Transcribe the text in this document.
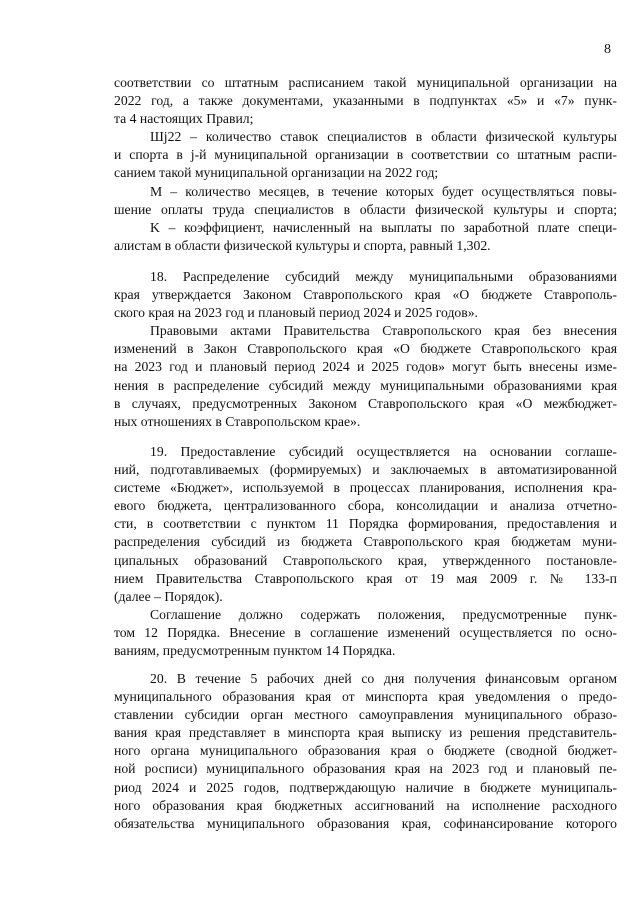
8
соответствии со штатным расписанием такой муниципальной организации на
2022 год, а также документами, указанными в подпунктах «5» и «7» пунк-
та 4 настоящих Правил;
Шj22 – количество ставок специалистов в области физической культуры
и спорта в j-й муниципальной организации в соответствии со штатным распи-
санием такой муниципальной организации на 2022 год;
М – количество месяцев, в течение которых будет осуществляться повы-
шение оплаты труда специалистов в области физической культуры и спорта;
K – коэффициент, начисленный на выплаты по заработной плате специ-
алистам в области физической культуры и спорта, равный 1,302.
18. Распределение субсидий между муниципальными образованиями
края утверждается Законом Ставропольского края «О бюджете Ставрополь-
ского края на 2023 год и плановый период 2024 и 2025 годов».
Правовыми актами Правительства Ставропольского края без внесения
изменений в Закон Ставропольского края «О бюджете Ставропольского края
на 2023 год и плановый период 2024 и 2025 годов» могут быть внесены изме-
нения в распределение субсидий между муниципальными образованиями края
в случаях, предусмотренных Законом Ставропольского края «О межбюджет-
ных отношениях в Ставропольском крае».
19. Предоставление субсидий осуществляется на основании соглаше-
ний, подготавливаемых (формируемых) и заключаемых в автоматизированной
системе «Бюджет», используемой в процессах планирования, исполнения кра-
евого бюджета, централизованного сбора, консолидации и анализа отчетно-
сти, в соответствии с пунктом 11 Порядка формирования, предоставления и
распределения субсидий из бюджета Ставропольского края бюджетам муни-
ципальных образований Ставропольского края, утвержденного постановле-
нием Правительства Ставропольского края от 19 мая 2009 г. № 133-п
(далее – Порядок).
Соглашение должно содержать положения, предусмотренные пунк-
том 12 Порядка. Внесение в соглашение изменений осуществляется по осно-
ваниям, предусмотренным пунктом 14 Порядка.
20. В течение 5 рабочих дней со дня получения финансовым органом
муниципального образования края от минспорта края уведомления о предо-
ставлении субсидии орган местного самоуправления муниципального образо-
вания края представляет в минспорта края выписку из решения представитель-
ного органа муниципального образования края о бюджете (сводной бюджет-
ной росписи) муниципального образования края на 2023 год и плановый пе-
риод 2024 и 2025 годов, подтверждающую наличие в бюджете муниципаль-
ного образования края бюджетных ассигнований на исполнение расходного
обязательства муниципального образования края, софинансирование которого
